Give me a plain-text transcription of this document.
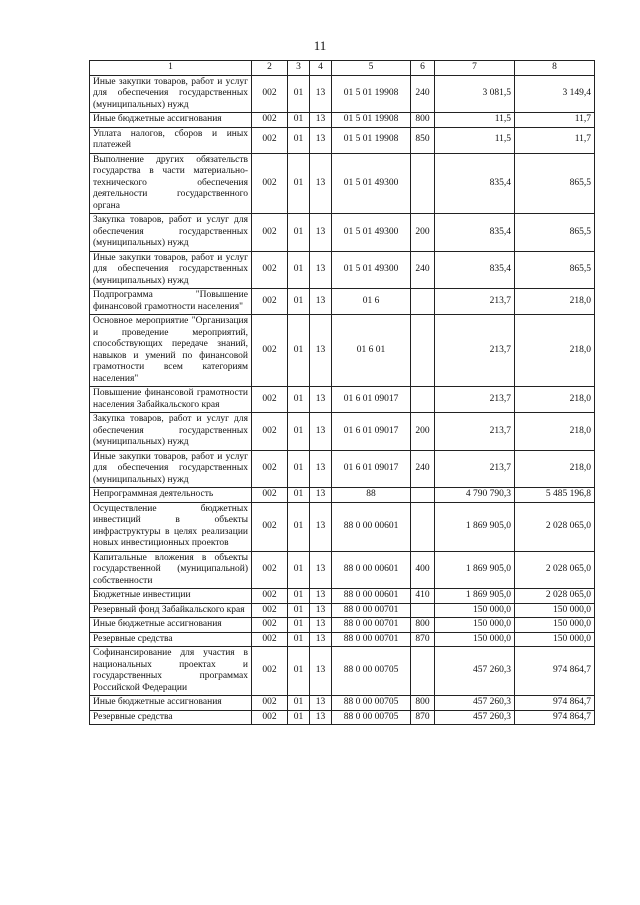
11
1	2	3	4	5	6	7	8
Иные закупки товаров, работ и услуг для обеспечения государственных (муниципальных) нужд	002	01	13	01 5 01 19908	240	3 081,5	3 149,4
Иные бюджетные ассигнования	002	01	13	01 5 01 19908	800	11,5	11,7
Уплата налогов, сборов и иных платежей	002	01	13	01 5 01 19908	850	11,5	11,7
Выполнение других обязательств государства в части материально-технического обеспечения деятельности государственного органа	002	01	13	01 5 01 49300		835,4	865,5
Закупка товаров, работ и услуг для обеспечения государственных (муниципальных) нужд	002	01	13	01 5 01 49300	200	835,4	865,5
Иные закупки товаров, работ и услуг для обеспечения государственных (муниципальных) нужд	002	01	13	01 5 01 49300	240	835,4	865,5
Подпрограмма "Повышение финансовой грамотности населения"	002	01	13	01 6		213,7	218,0
Основное мероприятие "Организация и проведение мероприятий, способствующих передаче знаний, навыков и умений по финансовой грамотности всем категориям населения"	002	01	13	01 6 01		213,7	218,0
Повышение финансовой грамотности населения Забайкальского края	002	01	13	01 6 01 09017		213,7	218,0
Закупка товаров, работ и услуг для обеспечения государственных (муниципальных) нужд	002	01	13	01 6 01 09017	200	213,7	218,0
Иные закупки товаров, работ и услуг для обеспечения государственных (муниципальных) нужд	002	01	13	01 6 01 09017	240	213,7	218,0
Непрограммная деятельность	002	01	13	88		4 790 790,3	5 485 196,8
Осуществление бюджетных инвестиций в объекты инфраструктуры в целях реализации новых инвестиционных проектов	002	01	13	88 0 00 00601		1 869 905,0	2 028 065,0
Капитальные вложения в объекты государственной (муниципальной) собственности	002	01	13	88 0 00 00601	400	1 869 905,0	2 028 065,0
Бюджетные инвестиции	002	01	13	88 0 00 00601	410	1 869 905,0	2 028 065,0
Резервный фонд Забайкальского края	002	01	13	88 0 00 00701		150 000,0	150 000,0
Иные бюджетные ассигнования	002	01	13	88 0 00 00701	800	150 000,0	150 000,0
Резервные средства	002	01	13	88 0 00 00701	870	150 000,0	150 000,0
Софинансирование для участия в национальных проектах и государственных программах Российской Федерации	002	01	13	88 0 00 00705		457 260,3	974 864,7
Иные бюджетные ассигнования	002	01	13	88 0 00 00705	800	457 260,3	974 864,7
Резервные средства	002	01	13	88 0 00 00705	870	457 260,3	974 864,7
